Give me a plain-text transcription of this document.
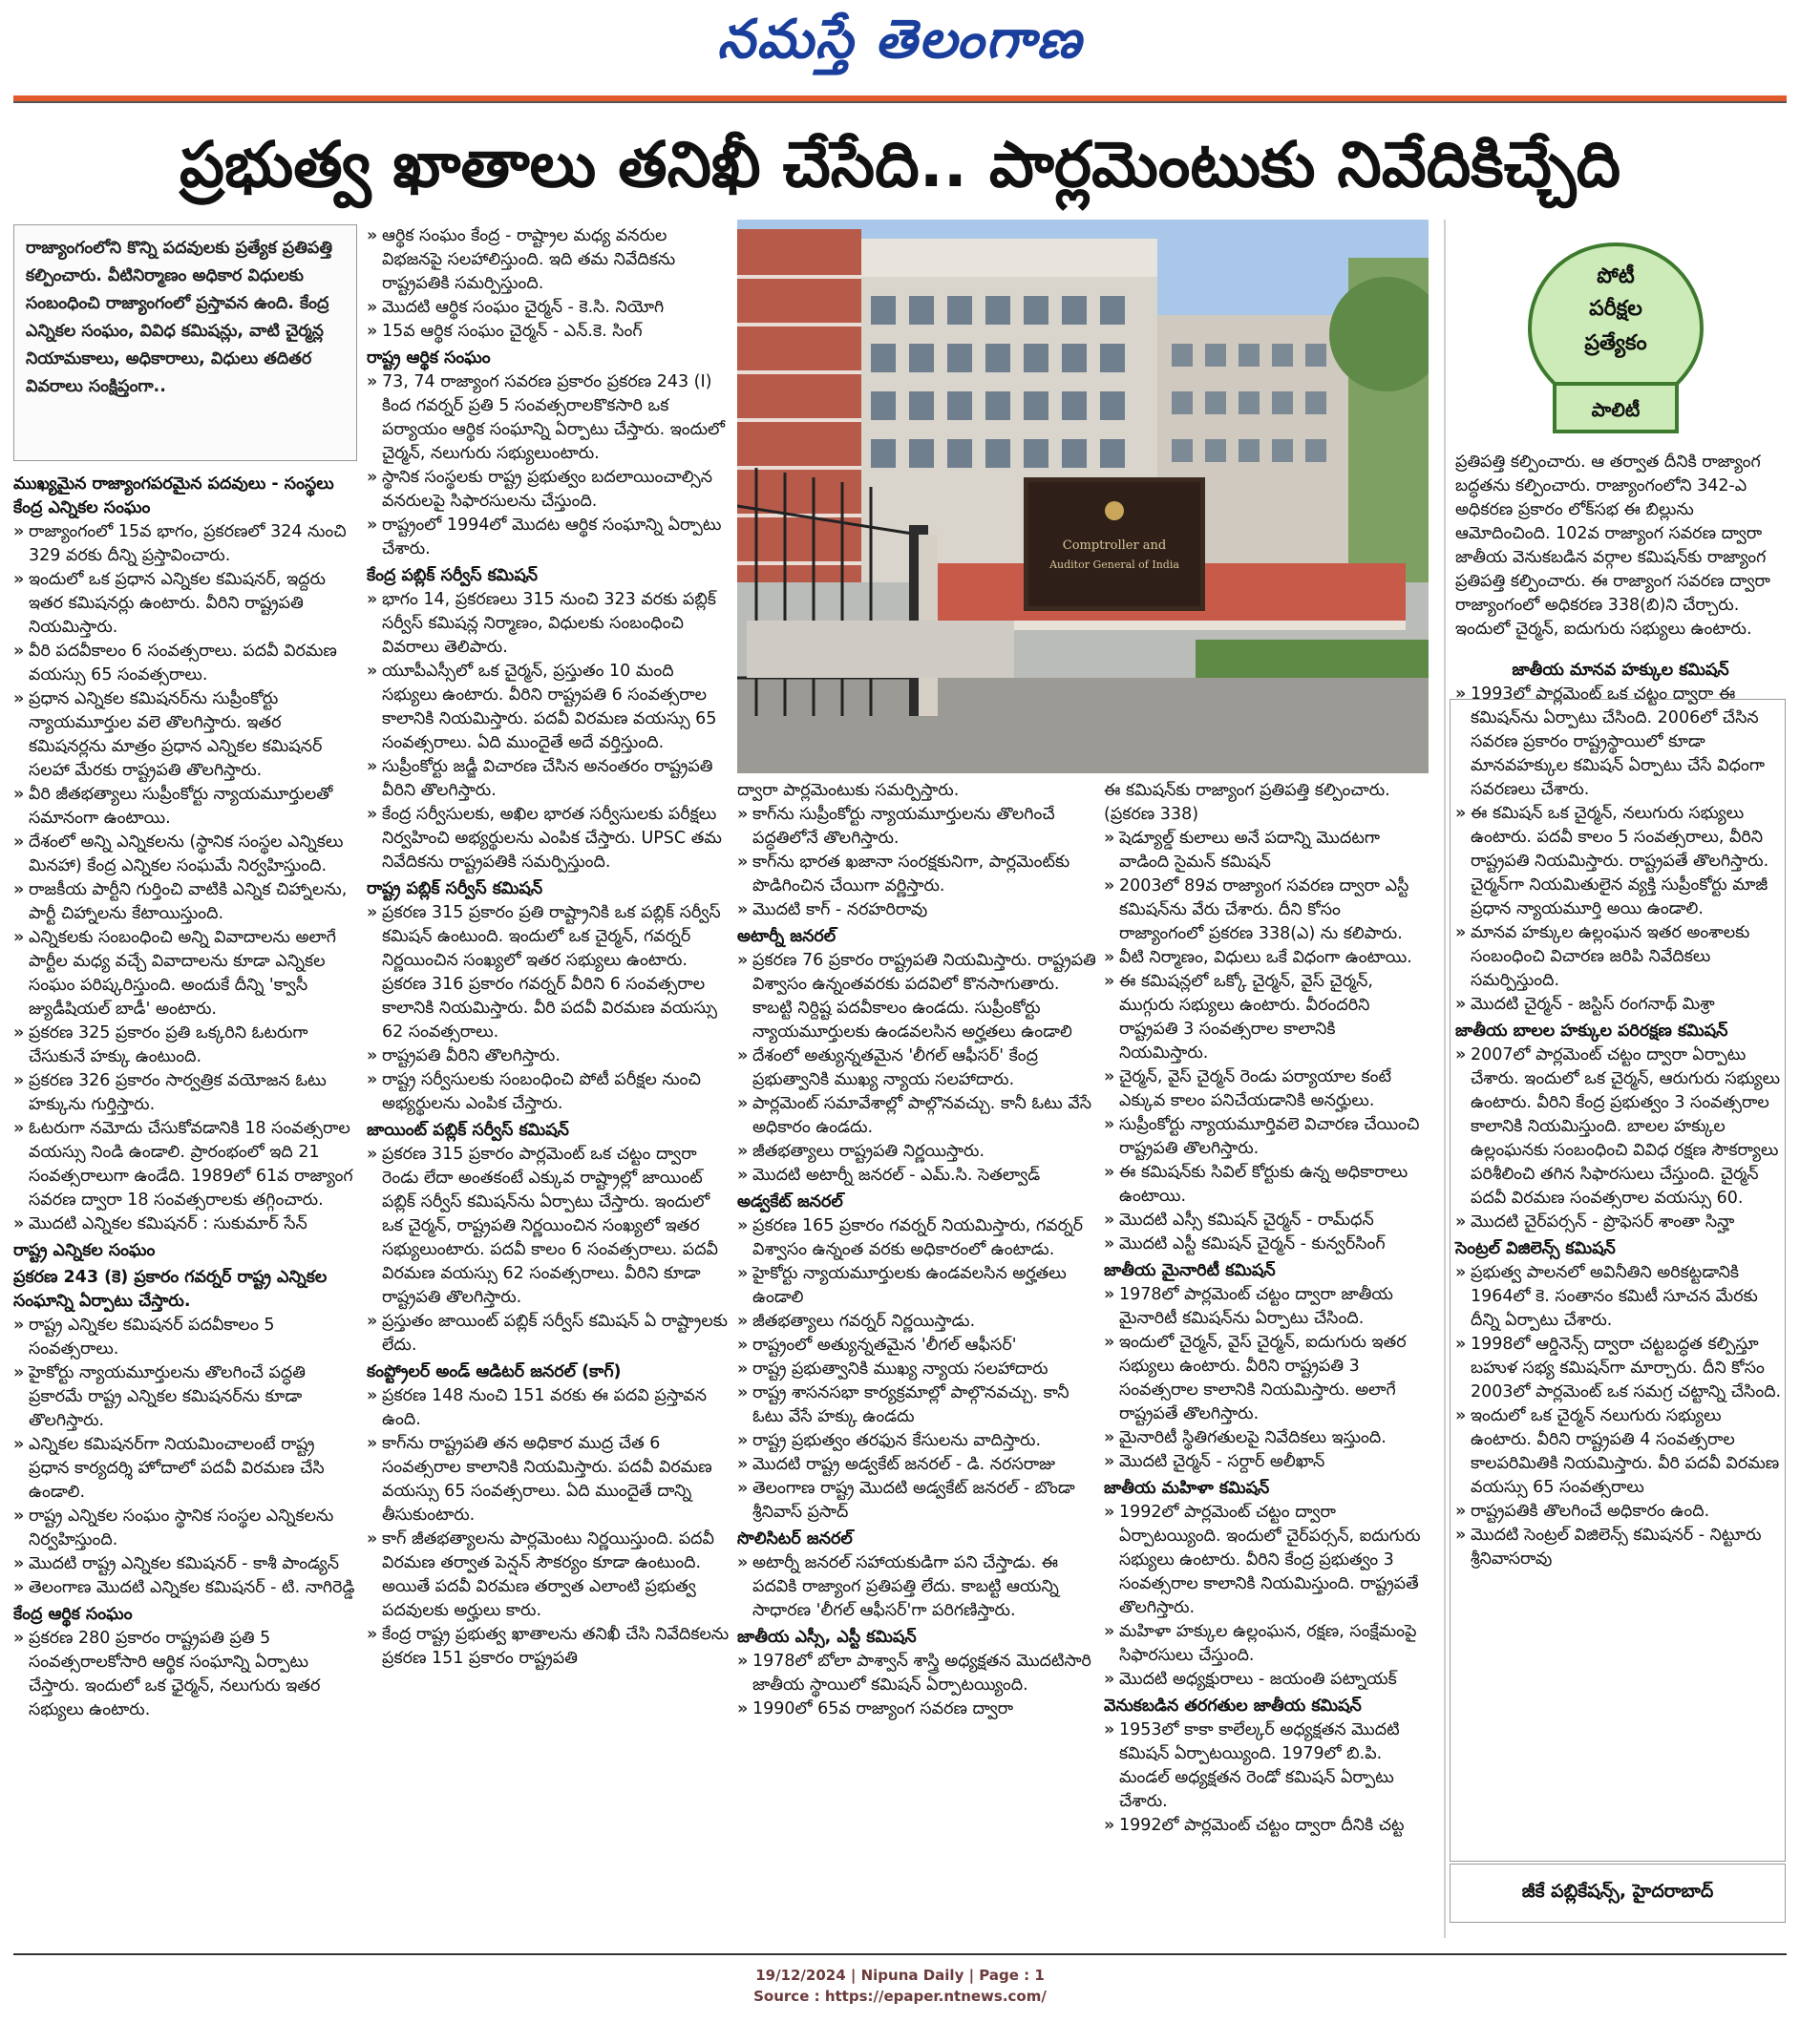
నమస్తే తెలంగాణ
ప్రభుత్వ ఖాతాలు తనిఖీ చేసేది.. పార్లమెంటుకు నివేదికిచ్చేది
రాజ్యాంగంలోని కొన్ని పదవులకు ప్రత్యేక ప్రతిపత్తి కల్పించారు. వీటినిర్మాణం అధికార విధులకు సంబంధించి రాజ్యాంగంలో ప్రస్తావన ఉంది. కేంద్ర ఎన్నికల సంఘం, వివిధ కమిషన్లు, వాటి చైర్మన్ల నియామకాలు, అధికారాలు, విధులు తదితర వివరాలు సంక్షిప్తంగా..

ముఖ్యమైన రాజ్యాంగపరమైన పదవులు - సంస్థలు కేంద్ర ఎన్నికల సంఘం

» రాజ్యాంగంలో 15వ భాగం, ప్రకరణలో 324 నుంచి 329 వరకు దీన్ని ప్రస్తావించారు.

» ఇందులో ఒక ప్రధాన ఎన్నికల కమిషనర్, ఇద్దరు ఇతర కమిషనర్లు ఉంటారు. వీరిని రాష్ట్రపతి నియమిస్తారు.

» వీరి పదవీకాలం 6 సంవత్సరాలు. పదవీ విరమణ వయస్సు 65 సంవత్సరాలు.

» ప్రధాన ఎన్నికల కమిషనర్‌ను సుప్రీంకోర్టు న్యాయమూర్తుల వలె తొలగిస్తారు. ఇతర కమిషనర్లను మాత్రం ప్రధాన ఎన్నికల కమిషనర్ సలహా మేరకు రాష్ట్రపతి తొలగిస్తారు.

» వీరి జీతభత్యాలు సుప్రీంకోర్టు న్యాయమూర్తులతో సమానంగా ఉంటాయి.

» దేశంలో అన్ని ఎన్నికలను (స్థానిక సంస్థల ఎన్నికలు మినహా) కేంద్ర ఎన్నికల సంఘమే నిర్వహిస్తుంది.

» రాజకీయ పార్టీని గుర్తించి వాటికి ఎన్నిక చిహ్నాలను, పార్టీ చిహ్నాలను కేటాయిస్తుంది.

» ఎన్నికలకు సంబంధించి అన్ని వివాదాలను అలాగే పార్టీల మధ్య వచ్చే వివాదాలను కూడా ఎన్నికల సంఘం పరిష్కరిస్తుంది. అందుకే దీన్ని 'క్వాసీ జ్యుడీషియల్ బాడీ' అంటారు.

» ప్రకరణ 325 ప్రకారం ప్రతి ఒక్కరిని ఓటరుగా చేసుకునే హక్కు ఉంటుంది.

» ప్రకరణ 326 ప్రకారం సార్వత్రిక వయోజన ఓటు హక్కును గుర్తిస్తారు.

» ఓటరుగా నమోదు చేసుకోవడానికి 18 సంవత్సరాల వయస్సు నిండి ఉండాలి. ప్రారంభంలో ఇది 21 సంవత్సరాలుగా ఉండేది. 1989లో 61వ రాజ్యాంగ సవరణ ద్వారా 18 సంవత్సరాలకు తగ్గించారు.

» మొదటి ఎన్నికల కమిషనర్ : సుకుమార్ సేన్

రాష్ట్ర ఎన్నికల సంఘం

ప్రకరణ 243 (కె) ప్రకారం గవర్నర్ రాష్ట్ర ఎన్నికల సంఘాన్ని ఏర్పాటు చేస్తారు.

» రాష్ట్ర ఎన్నికల కమిషనర్ పదవీకాలం 5 సంవత్సరాలు.

» హైకోర్టు న్యాయమూర్తులను తొలగించే పద్ధతి ప్రకారమే రాష్ట్ర ఎన్నికల కమిషనర్‌ను కూడా తొలగిస్తారు.

» ఎన్నికల కమిషనర్‌గా నియమించాలంటే రాష్ట్ర ప్రధాన కార్యదర్శి హోదాలో పదవీ విరమణ చేసి ఉండాలి.

» రాష్ట్ర ఎన్నికల సంఘం స్థానిక సంస్థల ఎన్నికలను నిర్వహిస్తుంది.

» మొదటి రాష్ట్ర ఎన్నికల కమిషనర్ - కాశీ పాండ్యన్

» తెలంగాణ మొదటి ఎన్నికల కమిషనర్ - టి. నాగిరెడ్డి

కేంద్ర ఆర్థిక సంఘం

» ప్రకరణ 280 ప్రకారం రాష్ట్రపతి ప్రతి 5 సంవత్సరాలకోసారి ఆర్థిక సంఘాన్ని ఏర్పాటు చేస్తారు. ఇందులో ఒక ఛైర్మన్, నలుగురు ఇతర సభ్యులు ఉంటారు.

» ఆర్థిక సంఘం కేంద్ర - రాష్ట్రాల మధ్య వనరుల విభజనపై సలహాలిస్తుంది. ఇది తమ నివేదికను రాష్ట్రపతికి సమర్పిస్తుంది.

» మొదటి ఆర్థిక సంఘం చైర్మన్ - కె.సి. నియోగి

» 15వ ఆర్థిక సంఘం చైర్మన్ - ఎన్.కె. సింగ్

రాష్ట్ర ఆర్థిక సంఘం

» 73, 74 రాజ్యాంగ సవరణ ప్రకారం ప్రకరణ 243 (I) కింద గవర్నర్ ప్రతి 5 సంవత్సరాలకొకసారి ఒక పర్యాయం ఆర్థిక సంఘాన్ని ఏర్పాటు చేస్తారు. ఇందులో చైర్మన్, నలుగురు సభ్యులుంటారు.

» స్థానిక సంస్థలకు రాష్ట్ర ప్రభుత్వం బదలాయించాల్సిన వనరులపై సిఫారసులను చేస్తుంది.

» రాష్ట్రంలో 1994లో మొదట ఆర్థిక సంఘాన్ని ఏర్పాటు చేశారు.

కేంద్ర పబ్లిక్ సర్వీస్ కమిషన్

» భాగం 14, ప్రకరణలు 315 నుంచి 323 వరకు పబ్లిక్ సర్వీస్ కమిషన్ల నిర్మాణం, విధులకు సంబంధించి వివరాలు తెలిపారు.

» యూపీఎస్సీలో ఒక చైర్మన్, ప్రస్తుతం 10 మంది సభ్యులు ఉంటారు. వీరిని రాష్ట్రపతి 6 సంవత్సరాల కాలానికి నియమిస్తారు. పదవీ విరమణ వయస్సు 65 సంవత్సరాలు. ఏది ముందైతే అదే వర్తిస్తుంది.

» సుప్రీంకోర్టు జడ్జీ విచారణ చేసిన అనంతరం రాష్ట్రపతి వీరిని తొలగిస్తారు.

» కేంద్ర సర్వీసులకు, అఖిల భారత సర్వీసులకు పరీక్షలు నిర్వహించి అభ్యర్థులను ఎంపిక చేస్తారు. UPSC తమ నివేదికను రాష్ట్రపతికి సమర్పిస్తుంది.

రాష్ట్ర పబ్లిక్ సర్వీస్ కమిషన్

» ప్రకరణ 315 ప్రకారం ప్రతి రాష్ట్రానికి ఒక పబ్లిక్ సర్వీస్ కమిషన్ ఉంటుంది. ఇందులో ఒక చైర్మన్, గవర్నర్ నిర్ణయించిన సంఖ్యలో ఇతర సభ్యులు ఉంటారు. ప్రకరణ 316 ప్రకారం గవర్నర్ వీరిని 6 సంవత్సరాల కాలానికి నియమిస్తారు. వీరి పదవీ విరమణ వయస్సు 62 సంవత్సరాలు.

» రాష్ట్రపతి వీరిని తొలగిస్తారు.

» రాష్ట్ర సర్వీసులకు సంబంధించి పోటీ పరీక్షల నుంచి అభ్యర్థులను ఎంపిక చేస్తారు.

జాయింట్ పబ్లిక్ సర్వీస్ కమిషన్

» ప్రకరణ 315 ప్రకారం పార్లమెంట్ ఒక చట్టం ద్వారా రెండు లేదా అంతకంటే ఎక్కువ రాష్ట్రాల్లో జాయింట్ పబ్లిక్ సర్వీస్ కమిషన్‌ను ఏర్పాటు చేస్తారు. ఇందులో ఒక చైర్మన్, రాష్ట్రపతి నిర్ణయించిన సంఖ్యలో ఇతర సభ్యులుంటారు. పదవీ కాలం 6 సంవత్సరాలు. పదవీ విరమణ వయస్సు 62 సంవత్సరాలు. వీరిని కూడా రాష్ట్రపతి తొలగిస్తారు.

» ప్రస్తుతం జాయింట్ పబ్లిక్ సర్వీస్ కమిషన్ ఏ రాష్ట్రాలకు లేదు.

కంప్ట్రోలర్ అండ్ ఆడిటర్ జనరల్ (కాగ్)

» ప్రకరణ 148 నుంచి 151 వరకు ఈ పదవి ప్రస్తావన ఉంది.

» కాగ్‌ను రాష్ట్రపతి తన అధికార ముద్ర చేత 6 సంవత్సరాల కాలానికి నియమిస్తారు. పదవీ విరమణ వయస్సు 65 సంవత్సరాలు. ఏది ముందైతే దాన్ని తీసుకుంటారు.

» కాగ్ జీతభత్యాలను పార్లమెంటు నిర్ణయిస్తుంది. పదవీ విరమణ తర్వాత పెన్షన్ సౌకర్యం కూడా ఉంటుంది. అయితే పదవీ విరమణ తర్వాత ఎలాంటి ప్రభుత్వ పదవులకు అర్హులు కారు.

» కేంద్ర రాష్ట్ర ప్రభుత్వ ఖాతాలను తనిఖీ చేసి నివేదికలను ప్రకరణ 151 ప్రకారం రాష్ట్రపతి

Comptroller and
Auditor General of India
పోటీ
పరీక్షల
ప్రత్యేకం
పాలిటీ

ద్వారా పార్లమెంటుకు సమర్పిస్తారు.

» కాగ్‌ను సుప్రీంకోర్టు న్యాయమూర్తులను తొలగించే పద్ధతిలోనే తొలగిస్తారు.

» కాగ్‌ను భారత ఖజానా సంరక్షకునిగా, పార్లమెంట్‌కు పొడిగించిన చేయిగా వర్ణిస్తారు.

» మొదటి కాగ్ - నరహరిరావు

అటార్నీ జనరల్

» ప్రకరణ 76 ప్రకారం రాష్ట్రపతి నియమిస్తారు. రాష్ట్రపతి విశ్వాసం ఉన్నంతవరకు పదవిలో కొనసాగుతారు. కాబట్టి నిర్దిష్ట పదవీకాలం ఉండదు. సుప్రీంకోర్టు న్యాయమూర్తులకు ఉండవలసిన అర్హతలు ఉండాలి

» దేశంలో అత్యున్నతమైన 'లీగల్ ఆఫీసర్' కేంద్ర ప్రభుత్వానికి ముఖ్య న్యాయ సలహాదారు.

» పార్లమెంట్ సమావేశాల్లో పాల్గొనవచ్చు. కానీ ఓటు వేసే అధికారం ఉండదు.

» జీతభత్యాలు రాష్ట్రపతి నిర్ణయిస్తారు.

» మొదటి అటార్నీ జనరల్ - ఎమ్.సి. సెతల్వాడ్

అడ్వకేట్ జనరల్

» ప్రకరణ 165 ప్రకారం గవర్నర్ నియమిస్తారు, గవర్నర్ విశ్వాసం ఉన్నంత వరకు అధికారంలో ఉంటాడు.

» హైకోర్టు న్యాయమూర్తులకు ఉండవలసిన అర్హతలు ఉండాలి

» జీతభత్యాలు గవర్నర్ నిర్ణయిస్తాడు.

» రాష్ట్రంలో అత్యున్నతమైన 'లీగల్ ఆఫీసర్'

» రాష్ట్ర ప్రభుత్వానికి ముఖ్య న్యాయ సలహాదారు

» రాష్ట్ర శాసనసభా కార్యక్రమాల్లో పాల్గొనవచ్చు. కానీ ఓటు వేసే హక్కు ఉండదు

» రాష్ట్ర ప్రభుత్వం తరఫున కేసులను వాదిస్తారు.

» మొదటి రాష్ట్ర అడ్వకేట్ జనరల్ - డి. నరసరాజు

» తెలంగాణ రాష్ట్ర మొదటి అడ్వకేట్ జనరల్ - బొండా శ్రీనివాస్ ప్రసాద్

సొలిసిటర్ జనరల్

» అటార్నీ జనరల్ సహాయకుడిగా పని చేస్తాడు. ఈ పదవికి రాజ్యాంగ ప్రతిపత్తి లేదు. కాబట్టి ఆయన్ని సాధారణ 'లీగల్ ఆఫీసర్'గా పరిగణిస్తారు.

జాతీయ ఎస్సీ, ఎస్టీ కమిషన్

» 1978లో బోలా పాశ్వాన్ శాస్త్రి అధ్యక్షతన మొదటిసారి జాతీయ స్థాయిలో కమిషన్ ఏర్పాటయ్యింది.

» 1990లో 65వ రాజ్యాంగ సవరణ ద్వారా

ఈ కమిషన్‌కు రాజ్యాంగ ప్రతిపత్తి కల్పించారు. (ప్రకరణ 338)

» షెడ్యూల్డ్ కులాలు అనే పదాన్ని మొదటగా వాడింది సైమన్ కమిషన్

» 2003లో 89వ రాజ్యాంగ సవరణ ద్వారా ఎస్టీ కమిషన్‌ను వేరు చేశారు. దీని కోసం రాజ్యాంగంలో ప్రకరణ 338(ఎ) ను కలిపారు.

» వీటి నిర్మాణం, విధులు ఒకే విధంగా ఉంటాయి.

» ఈ కమిషన్లలో ఒక్కో చైర్మన్, వైస్ చైర్మన్, ముగ్గురు సభ్యులు ఉంటారు. వీరందరిని రాష్ట్రపతి 3 సంవత్సరాల కాలానికి నియమిస్తారు.

» చైర్మన్, వైస్ చైర్మన్ రెండు పర్యాయాల కంటే ఎక్కువ కాలం పనిచేయడానికి అనర్హులు.

» సుప్రీంకోర్టు న్యాయమూర్తివలె విచారణ చేయించి రాష్ట్రపతి తొలగిస్తారు.

» ఈ కమిషన్‌కు సివిల్ కోర్టుకు ఉన్న అధికారాలు ఉంటాయి.

» మొదటి ఎస్సీ కమిషన్ చైర్మన్ - రామ్‌ధన్

» మొదటి ఎస్టీ కమిషన్ చైర్మన్ - కున్వర్‌సింగ్

జాతీయ మైనారిటీ కమిషన్

» 1978లో పార్లమెంట్ చట్టం ద్వారా జాతీయ మైనారిటీ కమిషన్‌ను ఏర్పాటు చేసింది.

» ఇందులో చైర్మన్, వైస్ చైర్మన్, ఐదుగురు ఇతర సభ్యులు ఉంటారు. వీరిని రాష్ట్రపతి 3 సంవత్సరాల కాలానికి నియమిస్తారు. అలాగే రాష్ట్రపతే తొలగిస్తారు.

» మైనారిటీ స్థితిగతులపై నివేదికలు ఇస్తుంది.

» మొదటి చైర్మన్ - సర్దార్ అలీఖాన్

జాతీయ మహిళా కమిషన్

» 1992లో పార్లమెంట్ చట్టం ద్వారా ఏర్పాటయ్యింది. ఇందులో చైర్‌పర్సన్, ఐదుగురు సభ్యులు ఉంటారు. వీరిని కేంద్ర ప్రభుత్వం 3 సంవత్సరాల కాలానికి నియమిస్తుంది. రాష్ట్రపతే తొలగిస్తారు.

» మహిళా హక్కుల ఉల్లంఘన, రక్షణ, సంక్షేమంపై సిఫారసులు చేస్తుంది.

» మొదటి అధ్యక్షురాలు - జయంతి పట్నాయక్

వెనుకబడిన తరగతుల జాతీయ కమిషన్

» 1953లో కాకా కాలేల్కర్ అధ్యక్షతన మొదటి కమిషన్ ఏర్పాటయ్యింది. 1979లో బి.పి. మండల్ అధ్యక్షతన రెండో కమిషన్ ఏర్పాటు చేశారు.

» 1992లో పార్లమెంట్ చట్టం ద్వారా దీనికి చట్ట

ప్రతిపత్తి కల్పించారు. ఆ తర్వాత దీనికి రాజ్యాంగ బద్ధతను కల్పించారు. రాజ్యాంగంలోని 342-ఎ అధికరణ ప్రకారం లోక్‌సభ ఈ బిల్లును ఆమోదించింది. 102వ రాజ్యాంగ సవరణ ద్వారా జాతీయ వెనుకబడిన వర్గాల కమిషన్‌కు రాజ్యాంగ ప్రతిపత్తి కల్పించారు. ఈ రాజ్యాంగ సవరణ ద్వారా రాజ్యాంగంలో అధికరణ 338(బి)ని చేర్చారు. ఇందులో చైర్మన్, ఐదుగురు సభ్యులు ఉంటారు.

జాతీయ మానవ హక్కుల కమిషన్

» 1993లో పార్లమెంట్ ఒక చట్టం ద్వారా ఈ కమిషన్‌ను ఏర్పాటు చేసింది. 2006లో చేసిన సవరణ ప్రకారం రాష్ట్రస్థాయిలో కూడా మానవహక్కుల కమిషన్ ఏర్పాటు చేసే విధంగా సవరణలు చేశారు.

» ఈ కమిషన్ ఒక చైర్మన్, నలుగురు సభ్యులు ఉంటారు. పదవీ కాలం 5 సంవత్సరాలు, వీరిని రాష్ట్రపతి నియమిస్తారు. రాష్ట్రపతే తొలగిస్తారు. చైర్మన్‌గా నియమితులైన వ్యక్తి సుప్రీంకోర్టు మాజీ ప్రధాన న్యాయమూర్తి అయి ఉండాలి.

» మానవ హక్కుల ఉల్లంఘన ఇతర అంశాలకు సంబంధించి విచారణ జరిపి నివేదికలు సమర్పిస్తుంది.

» మొదటి చైర్మన్ - జస్టిస్ రంగనాథ్ మిశ్రా

జాతీయ బాలల హక్కుల పరిరక్షణ కమిషన్

» 2007లో పార్లమెంట్ చట్టం ద్వారా ఏర్పాటు చేశారు. ఇందులో ఒక చైర్మన్, ఆరుగురు సభ్యులు ఉంటారు. వీరిని కేంద్ర ప్రభుత్వం 3 సంవత్సరాల కాలానికి నియమిస్తుంది. బాలల హక్కుల ఉల్లంఘనకు సంబంధించి వివిధ రక్షణ సౌకర్యాలు పరిశీలించి తగిన సిఫారసులు చేస్తుంది. చైర్మన్ పదవీ విరమణ సంవత్సరాల వయస్సు 60.

» మొదటి చైర్‌పర్సన్ - ప్రొఫెసర్ శాంతా సిన్హా

సెంట్రల్ విజిలెన్స్ కమిషన్

» ప్రభుత్వ పాలనలో అవినీతిని అరికట్టడానికి 1964లో కె. సంతానం కమిటీ సూచన మేరకు దీన్ని ఏర్పాటు చేశారు.

» 1998లో ఆర్డినెన్స్ ద్వారా చట్టబద్ధత కల్పిస్తూ బహుళ సభ్య కమిషన్‌గా మార్చారు. దీని కోసం 2003లో పార్లమెంట్ ఒక సమగ్ర చట్టాన్ని చేసింది.

» ఇందులో ఒక చైర్మన్ నలుగురు సభ్యులు ఉంటారు. వీరిని రాష్ట్రపతి 4 సంవత్సరాల కాలపరిమితికి నియమిస్తారు. వీరి పదవీ విరమణ వయస్సు 65 సంవత్సరాలు

» రాష్ట్రపతికి తొలగించే అధికారం ఉంది.

» మొదటి సెంట్రల్ విజిలెన్స్ కమిషనర్ - నిట్టూరు శ్రీనివాసరావు

జీకే పబ్లికేషన్స్, హైదరాబాద్
19/12/2024 | Nipuna Daily | Page : 1
Source : https://epaper.ntnews.com/
